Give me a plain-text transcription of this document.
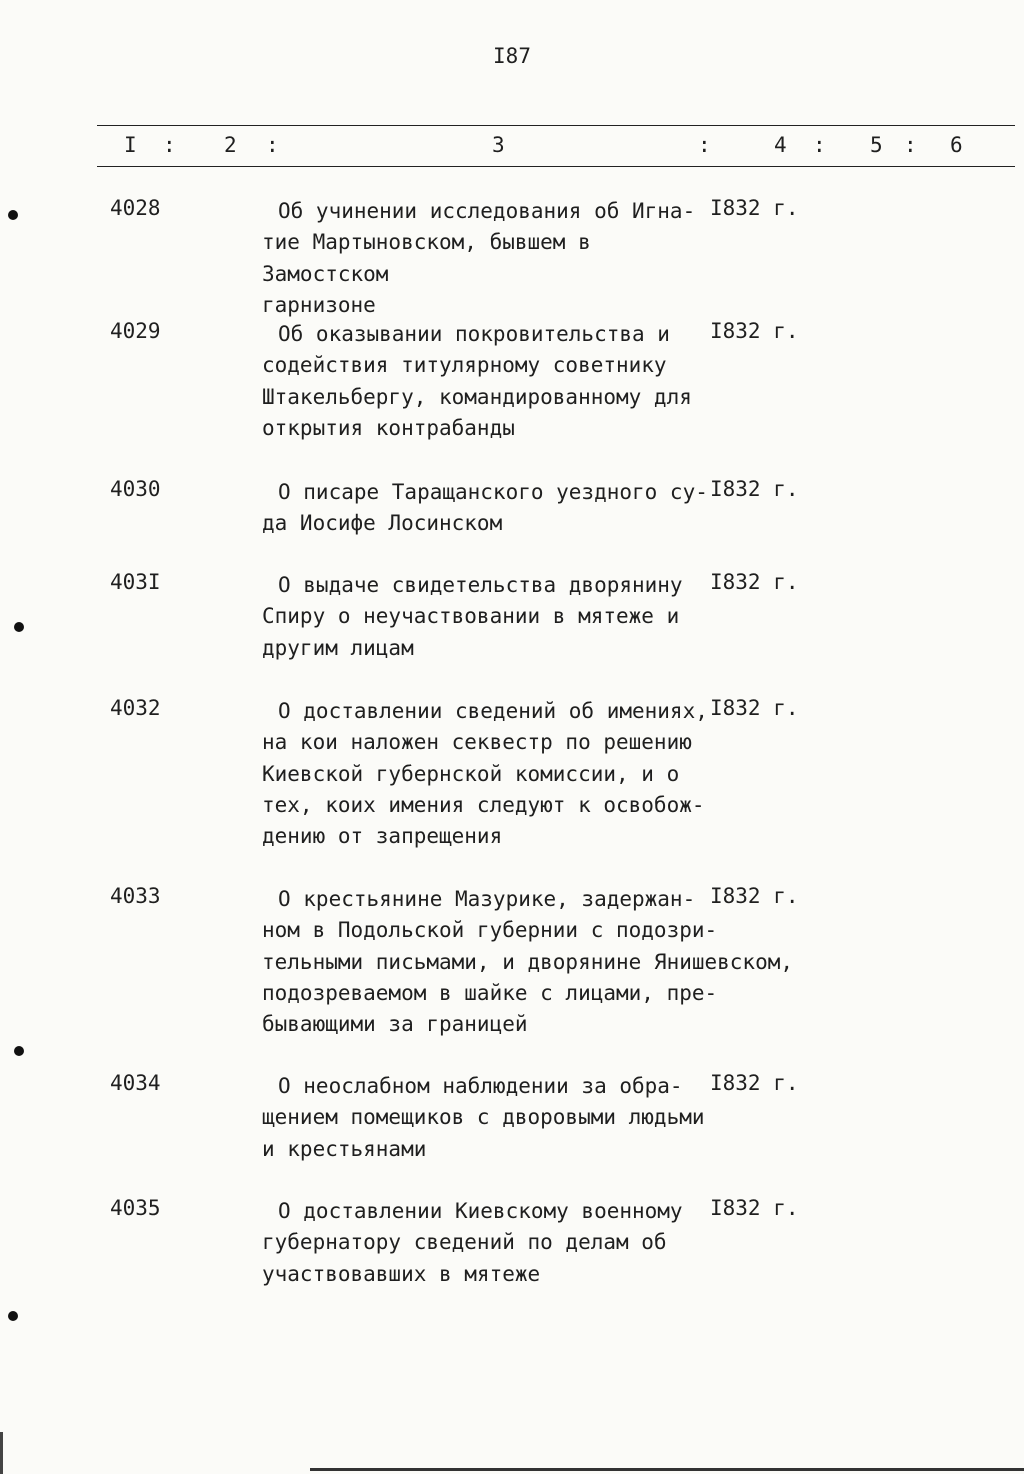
I87
I : 2 :	3	:	4 : 5 : 6
4028	Об учинении исследования об Игна-
тие Мартыновском, бывшем в Замостском
гарнизоне
I832 г.
4029	Об оказывании покровительства и
содействия титулярному советнику
Штакельбергу, командированному для
открытия контрабанды
I832 г.
4030	О писаре Таращанского уездного су-
да Иосифе Лосинском
I832 г.
403I	О выдаче свидетельства дворянину
Спиру о неучаствовании в мятеже и
другим лицам
I832 г.
4032	О доставлении сведений об имениях,
на кои наложен секвестр по решению
Киевской губернской комиссии, и о
тех, коих имения следуют к освобож-
дению от запрещения
I832 г.
4033	О крестьянине Мазурике, задержан-
ном в Подольской губернии с подозри-
тельными письмами, и дворянине Янишевском,
подозреваемом в шайке с лицами, пре-
бывающими за границей
I832 г.
4034	О неослабном наблюдении за обра-
щением помещиков с дворовыми людьми
и крестьянами
I832 г.
4035	О доставлении Киевскому военному
губернатору сведений по делам об
участвовавших в мятеже
I832 г.
